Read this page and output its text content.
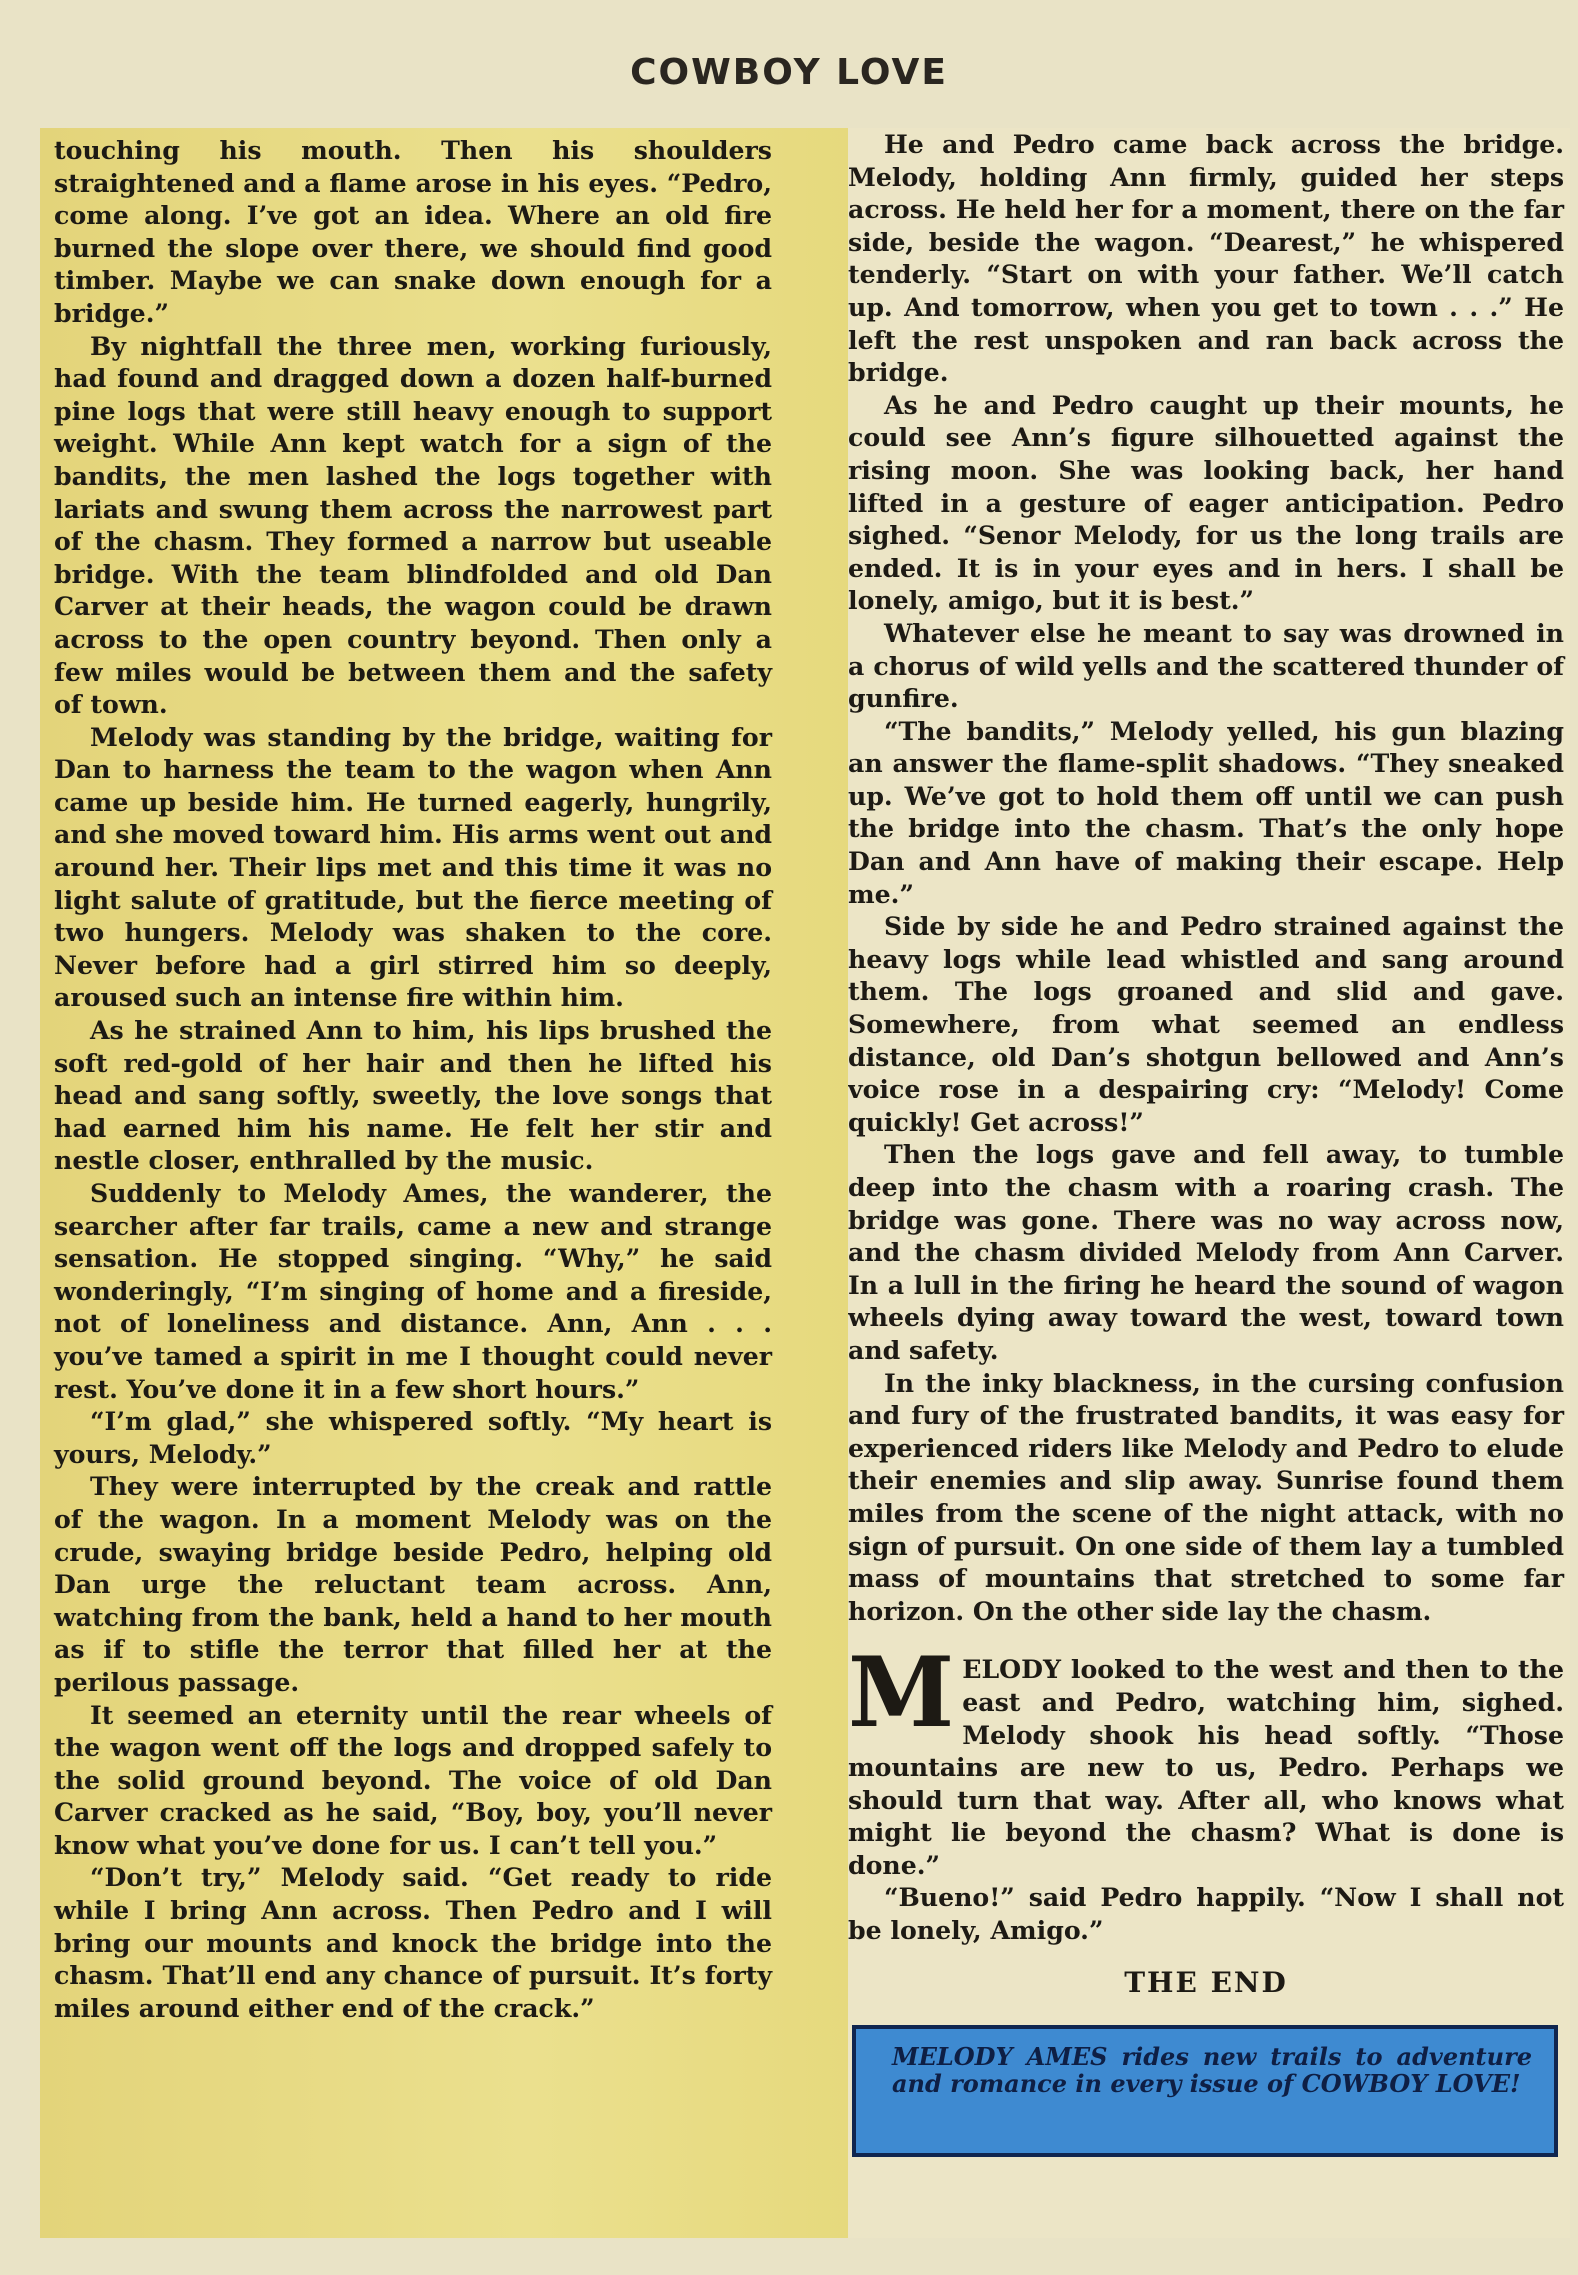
COWBOY LOVE

touching his mouth. Then his shoulders straightened and a flame arose in his eyes. “Pedro, come along. I’ve got an idea. Where an old fire burned the slope over there, we should find good timber. Maybe we can snake down enough for a bridge.”

By nightfall the three men, working furiously, had found and dragged down a dozen half-burned pine logs that were still heavy enough to support weight. While Ann kept watch for a sign of the bandits, the men lashed the logs together with lariats and swung them across the narrowest part of the chasm. They formed a narrow but useable bridge. With the team blindfolded and old Dan Carver at their heads, the wagon could be drawn across to the open country beyond. Then only a few miles would be between them and the safety of town.

Melody was standing by the bridge, waiting for Dan to harness the team to the wagon when Ann came up beside him. He turned eagerly, hungrily, and she moved toward him. His arms went out and around her. Their lips met and this time it was no light salute of gratitude, but the fierce meeting of two hungers. Melody was shaken to the core. Never before had a girl stirred him so deeply, aroused such an intense fire within him.

As he strained Ann to him, his lips brushed the soft red-gold of her hair and then he lifted his head and sang softly, sweetly, the love songs that had earned him his name. He felt her stir and nestle closer, enthralled by the music.

Suddenly to Melody Ames, the wanderer, the searcher after far trails, came a new and strange sensation. He stopped singing. “Why,” he said wonderingly, “I’m singing of home and a fireside, not of loneliness and distance. Ann, Ann . . . you’ve tamed a spirit in me I thought could never rest. You’ve done it in a few short hours.”

“I’m glad,” she whispered softly. “My heart is yours, Melody.”

They were interrupted by the creak and rattle of the wagon. In a moment Melody was on the crude, swaying bridge beside Pedro, helping old Dan urge the reluctant team across. Ann, watching from the bank, held a hand to her mouth as if to stifle the terror that filled her at the perilous passage.

It seemed an eternity until the rear wheels of the wagon went off the logs and dropped safely to the solid ground beyond. The voice of old Dan Carver cracked as he said, “Boy, boy, you’ll never know what you’ve done for us. I can’t tell you.”

“Don’t try,” Melody said. “Get ready to ride while I bring Ann across. Then Pedro and I will bring our mounts and knock the bridge into the chasm. That’ll end any chance of pursuit. It’s forty miles around either end of the crack.”

He and Pedro came back across the bridge. Melody, holding Ann firmly, guided her steps across. He held her for a moment, there on the far side, beside the wagon. “Dearest,” he whispered tenderly. “Start on with your father. We’ll catch up. And tomorrow, when you get to town . . .” He left the rest unspoken and ran back across the bridge.

As he and Pedro caught up their mounts, he could see Ann’s figure silhouetted against the rising moon. She was looking back, her hand lifted in a gesture of eager anticipation. Pedro sighed. “Senor Melody, for us the long trails are ended. It is in your eyes and in hers. I shall be lonely, amigo, but it is best.”

Whatever else he meant to say was drowned in a chorus of wild yells and the scattered thunder of gunfire.

“The bandits,” Melody yelled, his gun blazing an answer the flame-split shadows. “They sneaked up. We’ve got to hold them off until we can push the bridge into the chasm. That’s the only hope Dan and Ann have of making their escape. Help me.”

Side by side he and Pedro strained against the heavy logs while lead whistled and sang around them. The logs groaned and slid and gave. Somewhere, from what seemed an endless distance, old Dan’s shotgun bellowed and Ann’s voice rose in a despairing cry: “Melody! Come quickly! Get across!”

Then the logs gave and fell away, to tumble deep into the chasm with a roaring crash. The bridge was gone. There was no way across now, and the chasm divided Melody from Ann Carver. In a lull in the firing he heard the sound of wagon wheels dying away toward the west, toward town and safety.

In the inky blackness, in the cursing confusion and fury of the frustrated bandits, it was easy for experienced riders like Melody and Pedro to elude their enemies and slip away. Sunrise found them miles from the scene of the night attack, with no sign of pursuit. On one side of them lay a tumbled mass of mountains that stretched to some far horizon. On the other side lay the chasm.

MELODY looked to the west and then to the east and Pedro, watching him, sighed. Melody shook his head softly. “Those mountains are new to us, Pedro. Perhaps we should turn that way. After all, who knows what might lie beyond the chasm? What is done is done.”

“Bueno!” said Pedro happily. “Now I shall not be lonely, Amigo.”

THE END

MELODY AMES rides new trails to adventure and romance in every issue of COWBOY LOVE!
